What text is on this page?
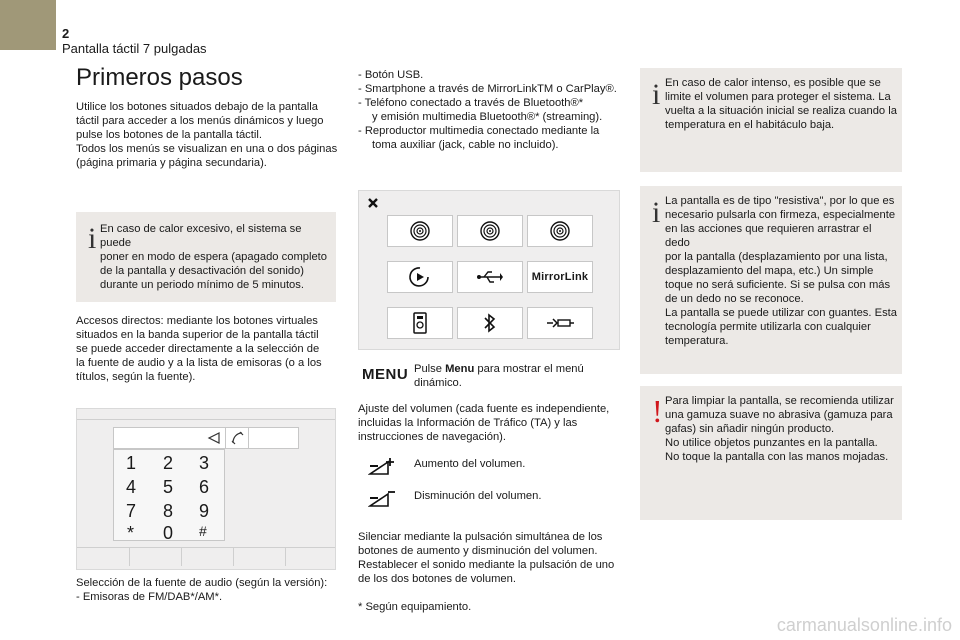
2
Pantalla táctil 7 pulgadas
Primeros pasos

Utilice los botones situados debajo de la pantalla

táctil para acceder a los menús dinámicos y luego

pulse los botones de la pantalla táctil.

Todos los menús se visualizan en una o dos páginas

(página primaria y página secundaria).

i En caso de calor excesivo, el sistema se puede

poner en modo de espera (apagado completo

de la pantalla y desactivación del sonido)

durante un periodo mínimo de 5 minutos.

Accesos directos: mediante los botones virtuales

situados en la banda superior de la pantalla táctil

se puede acceder directamente a la selección de

la fuente de audio y a la lista de emisoras (o a los

títulos, según la fuente).

1 2 3
4 5 6
7 8 9
* 0 #

Selección de la fuente de audio (según la versión):

- Emisoras de FM/DAB*/AM*.

- Botón USB.

- Smartphone a través de MirrorLinkTM o CarPlay®.

- Teléfono conectado a través de Bluetooth®*

y emisión multimedia Bluetooth®* (streaming).

- Reproductor multimedia conectado mediante la

toma auxiliar (jack, cable no incluido).

MirrorLink
MENU Pulse Menu para mostrar el menú

dinámico.

Ajuste del volumen (cada fuente es independiente,

incluidas la Información de Tráfico (TA) y las

instrucciones de navegación).

Aumento del volumen.
Disminución del volumen.

Silenciar mediante la pulsación simultánea de los

botones de aumento y disminución del volumen.

Restablecer el sonido mediante la pulsación de uno

de los dos botones de volumen.

* Según equipamiento.
i En caso de calor intenso, es posible que se

limite el volumen para proteger el sistema. La

vuelta a la situación inicial se realiza cuando la

temperatura en el habitáculo baja.

i La pantalla es de tipo "resistiva", por lo que es

necesario pulsarla con firmeza, especialmente

en las acciones que requieren arrastrar el dedo

por la pantalla (desplazamiento por una lista,

desplazamiento del mapa, etc.) Un simple

toque no será suficiente. Si se pulsa con más

de un dedo no se reconoce.

La pantalla se puede utilizar con guantes. Esta

tecnología permite utilizarla con cualquier

temperatura.

! Para limpiar la pantalla, se recomienda utilizar

una gamuza suave no abrasiva (gamuza para

gafas) sin añadir ningún producto.

No utilice objetos punzantes en la pantalla.

No toque la pantalla con las manos mojadas.

carmanualsonline.info
